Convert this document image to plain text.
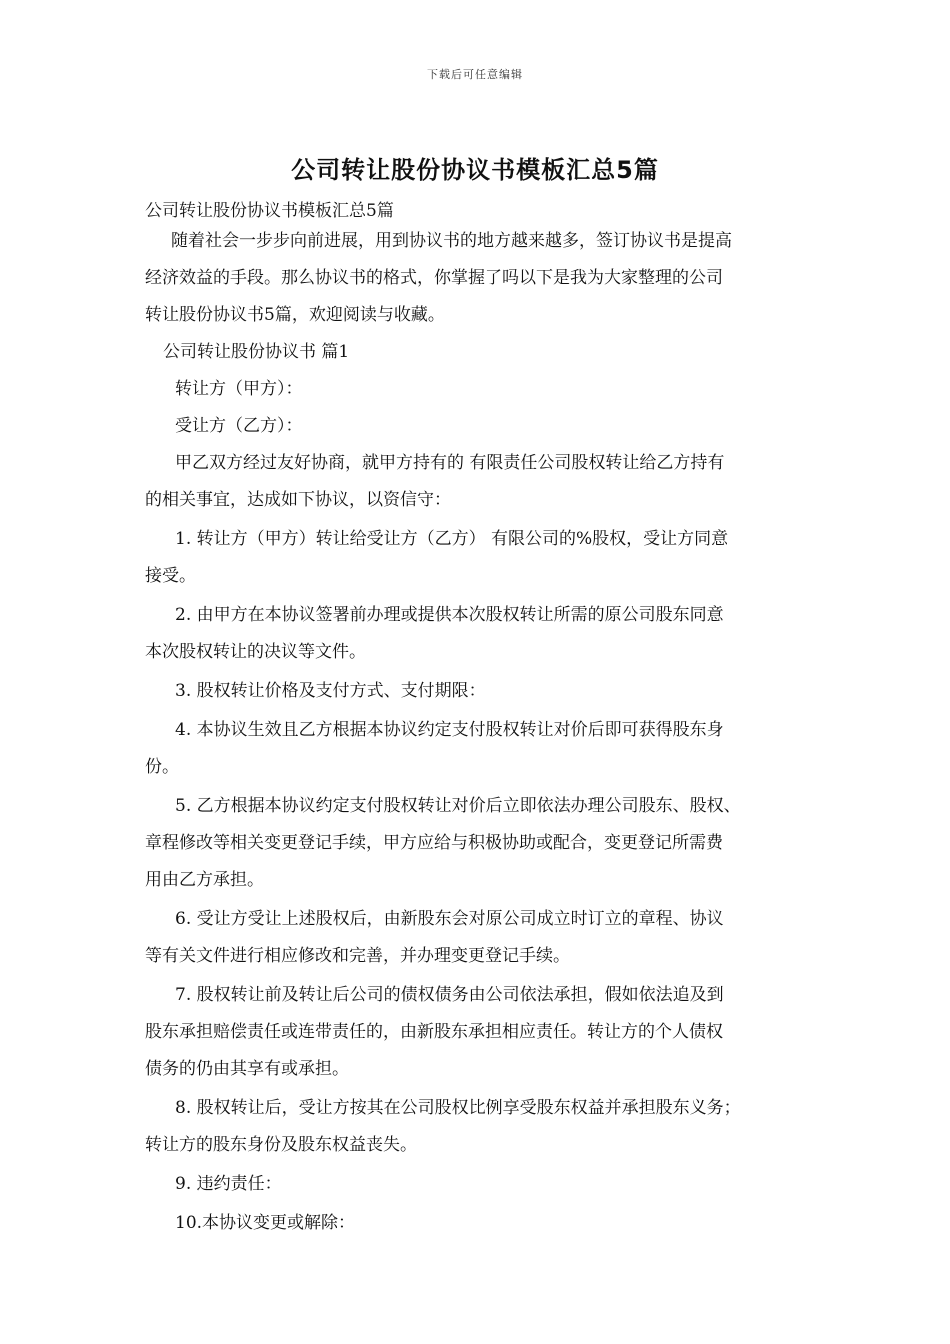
下载后可任意编辑
公司转让股份协议书模板汇总5篇
公司转让股份协议书模板汇总5篇
随着社会一步步向前进展，用到协议书的地方越来越多，签订协议书是提高
经济效益的手段。那么协议书的格式，你掌握了吗以下是我为大家整理的公司
转让股份协议书5篇，欢迎阅读与收藏。
公司转让股份协议书 篇1
转让方（甲方）：
受让方（乙方）：
甲乙双方经过友好协商，就甲方持有的 有限责任公司股权转让给乙方持有
的相关事宜，达成如下协议，以资信守：
1. 转让方（甲方）转让给受让方（乙方） 有限公司的%股权，受让方同意
接受。
2. 由甲方在本协议签署前办理或提供本次股权转让所需的原公司股东同意
本次股权转让的决议等文件。
3. 股权转让价格及支付方式、支付期限：
4. 本协议生效且乙方根据本协议约定支付股权转让对价后即可获得股东身
份。
5. 乙方根据本协议约定支付股权转让对价后立即依法办理公司股东、股权、
章程修改等相关变更登记手续，甲方应给与积极协助或配合，变更登记所需费
用由乙方承担。
6. 受让方受让上述股权后，由新股东会对原公司成立时订立的章程、协议
等有关文件进行相应修改和完善，并办理变更登记手续。
7. 股权转让前及转让后公司的债权债务由公司依法承担，假如依法追及到
股东承担赔偿责任或连带责任的，由新股东承担相应责任。转让方的个人债权
债务的仍由其享有或承担。
8. 股权转让后，受让方按其在公司股权比例享受股东权益并承担股东义务；
转让方的股东身份及股东权益丧失。
9. 违约责任：
10.本协议变更或解除：
